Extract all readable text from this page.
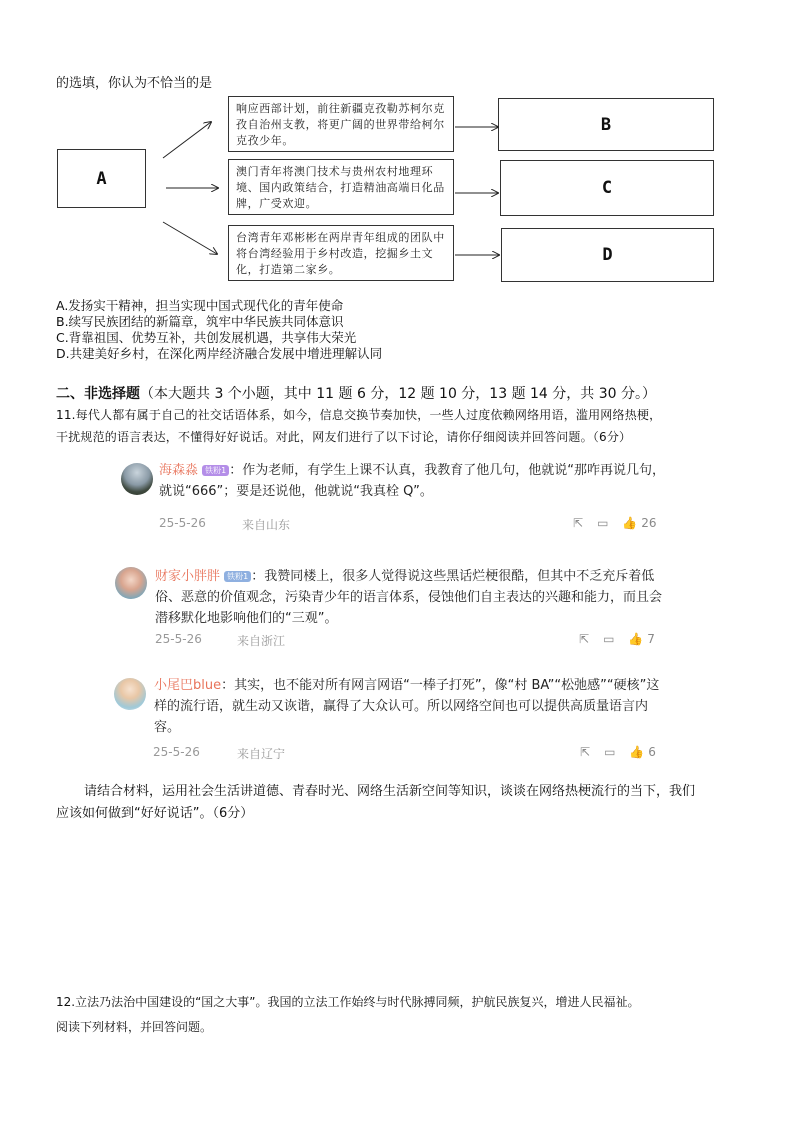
的选填，你认为不恰当的是
A
响应西部计划，前往新疆克孜勒苏柯尔克孜自治州支教，将更广阔的世界带给柯尔克孜少年。
澳门青年将澳门技术与贵州农村地理环境、国内政策结合，打造精油高端日化品牌，广受欢迎。
台湾青年邓彬彬在两岸青年组成的团队中将台湾经验用于乡村改造，挖掘乡土文化，打造第二家乡。
B
C
D
A.发扬实干精神，担当实现中国式现代化的青年使命
B.续写民族团结的新篇章，筑牢中华民族共同体意识
C.背靠祖国、优势互补，共创发展机遇，共享伟大荣光
D.共建美好乡村，在深化两岸经济融合发展中增进理解认同
二、非选择题（本大题共 3 个小题，其中 11 题 6 分，12 题 10 分，13 题 14 分，共 30 分。）
11.每代人都有属于自己的社交话语体系，如今，信息交换节奏加快，一些人过度依赖网络用语，滥用网络热梗，
干扰规范的语言表达，不懂得好好说话。对此，网友们进行了以下讨论，请你仔细阅读并回答问题。（6分）
海森淼 铁粉1 ：作为老师，有学生上课不认真，我教育了他几句，他就说“那咋再说几句，就说“666”；要是还说他，他就说“我真栓 Q”。
25-5-26	来自山东	⇱ ▭ 👍 26
财家小胖胖 铁粉1 ：我赞同楼上，很多人觉得说这些黑话烂梗很酷，但其中不乏充斥着低俗、恶意的价值观念，污染青少年的语言体系，侵蚀他们自主表达的兴趣和能力，而且会潜移默化地影响他们的“三观”。
25-5-26	来自浙江	⇱ ▭ 👍 7
小尾巴blue：其实，也不能对所有网言网语“一棒子打死”，像“村 BA”“松弛感”“硬核”这样的流行语，就生动又诙谐，赢得了大众认可。所以网络空间也可以提供高质量语言内容。
25-5-26	来自辽宁	⇱ ▭ 👍 6
请结合材料，运用社会生活讲道德、青春时光、网络生活新空间等知识，谈谈在网络热梗流行的当下，我们
应该如何做到“好好说话”。（6分）
12.立法乃法治中国建设的“国之大事”。我国的立法工作始终与时代脉搏同频，护航民族复兴，增进人民福祉。
阅读下列材料，并回答问题。
